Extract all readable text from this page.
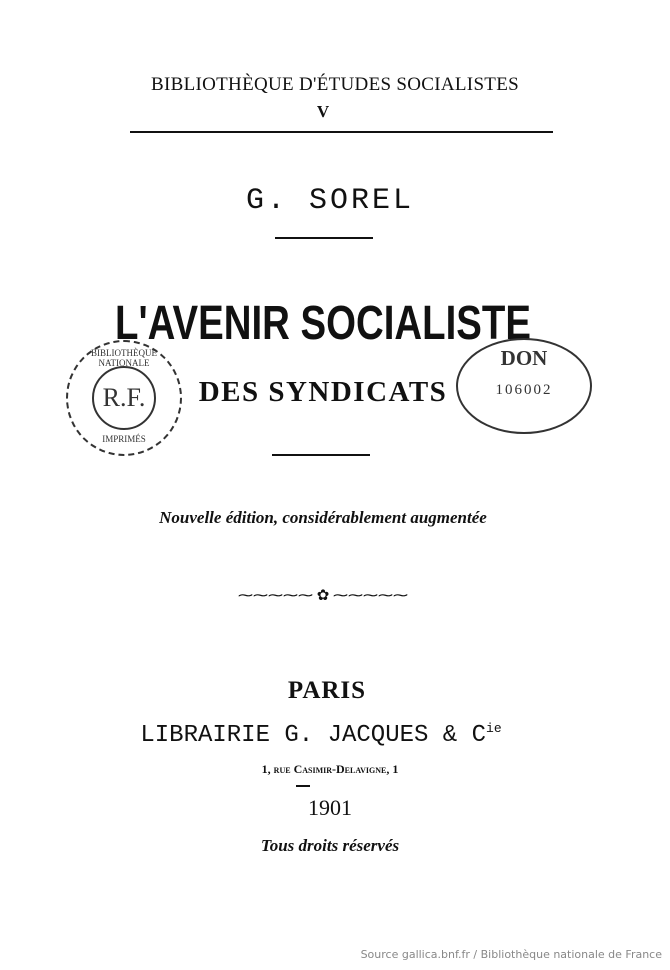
BIBLIOTHÈQUE D'ÉTUDES SOCIALISTES
V
G. SOREL
L'AVENIR SOCIALISTE
DES SYNDICATS
Nouvelle édition, considérablement augmentée
⁓⁓⁓⁓⁓ ✿ ⁓⁓⁓⁓⁓
PARIS
LIBRAIRIE G. JACQUES & $C^{ie}$
1, rue Casimir-Delavigne, 1
1901
Tous droits réservés
BIBLIOTHÈQUE NATIONALE
R.F.
IMPRIMÉS
DON
106002
Source gallica.bnf.fr / Bibliothèque nationale de France
